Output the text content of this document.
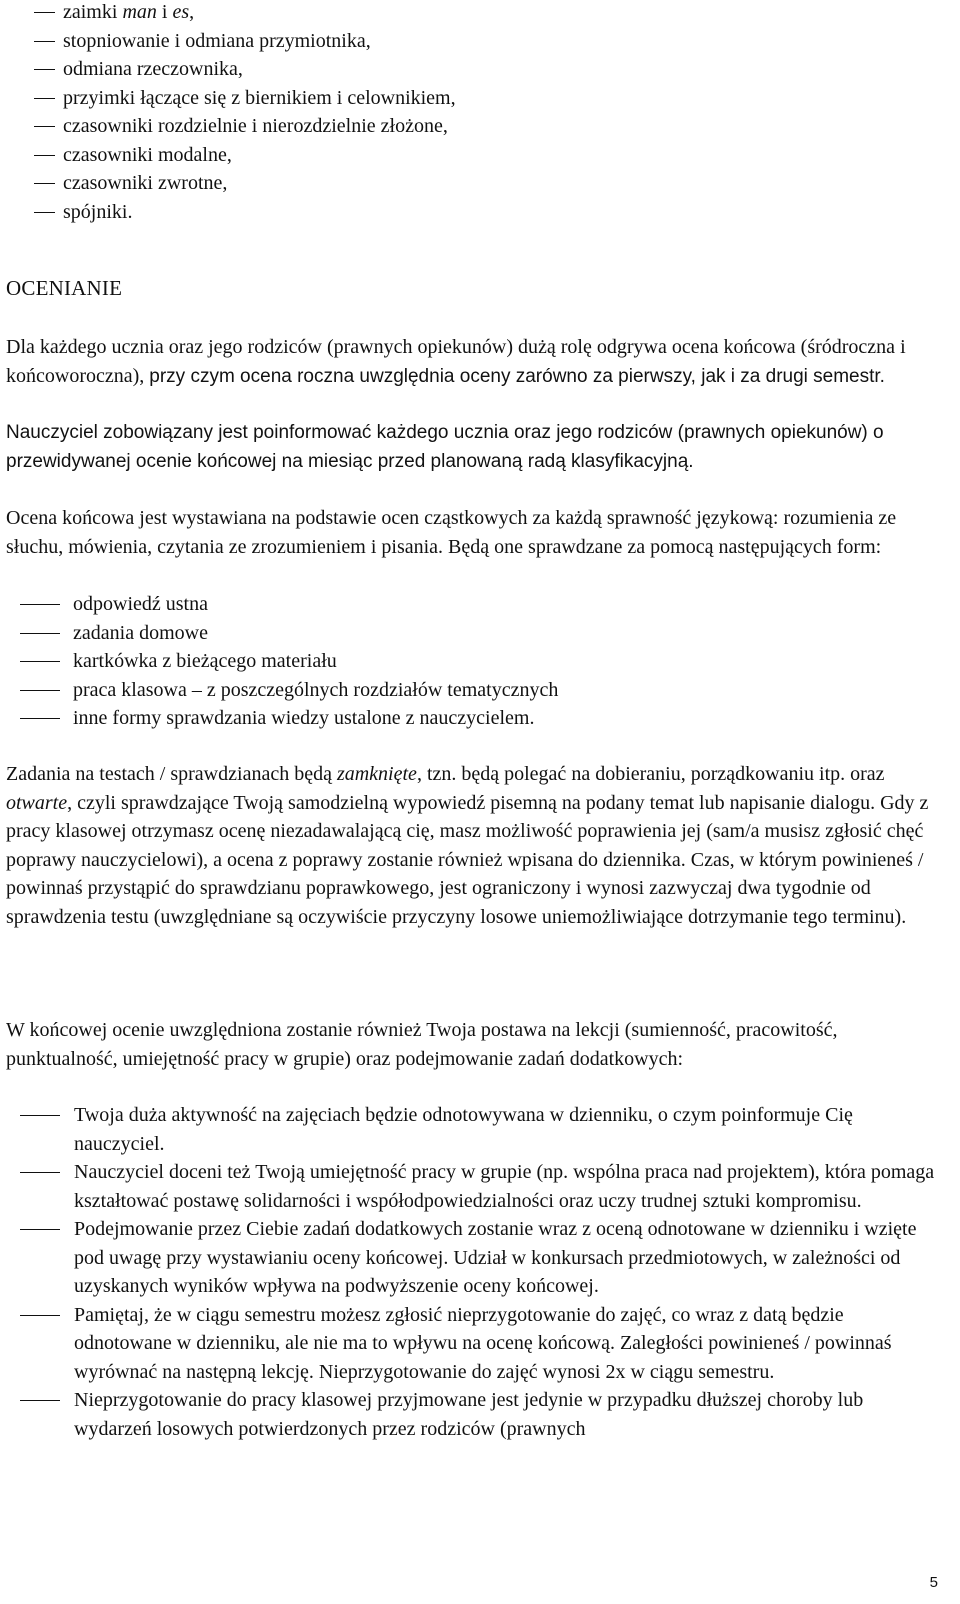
zaimki man i es,
stopniowanie i odmiana przymiotnika,
odmiana rzeczownika,
przyimki łączące się z biernikiem i celownikiem,
czasowniki rozdzielnie i nierozdzielnie złożone,
czasowniki modalne,
czasowniki zwrotne,
spójniki.
OCENIANIE

Dla każdego ucznia oraz jego rodziców (prawnych opiekunów) dużą rolę odgrywa ocena końcowa (śródroczna i końcoworoczna), przy czym ocena roczna uwzględnia oceny zarówno za pierwszy, jak i za drugi semestr.

Nauczyciel zobowiązany jest poinformować każdego ucznia oraz jego rodziców (prawnych opiekunów) o przewidywanej ocenie końcowej na miesiąc przed planowaną radą klasyfikacyjną.

Ocena końcowa jest wystawiana na podstawie ocen cząstkowych za każdą sprawność językową: rozumienia ze słuchu, mówienia, czytania ze zrozumieniem i pisania. Będą one sprawdzane za pomocą następujących form:

odpowiedź ustna
zadania domowe
kartkówka z bieżącego materiału
praca klasowa – z poszczególnych rozdziałów tematycznych
inne formy sprawdzania wiedzy ustalone z nauczycielem.

Zadania na testach / sprawdzianach będą zamknięte, tzn. będą polegać na dobieraniu, porządkowaniu itp. oraz otwarte, czyli sprawdzające Twoją samodzielną wypowiedź pisemną na podany temat lub napisanie dialogu. Gdy z pracy klasowej otrzymasz ocenę niezadawalającą cię, masz możliwość poprawienia jej (sam/a musisz zgłosić chęć poprawy nauczycielowi), a ocena z poprawy zostanie również wpisana do dziennika. Czas, w którym powinieneś / powinnaś przystąpić do sprawdzianu poprawkowego, jest ograniczony i wynosi zazwyczaj dwa tygodnie od sprawdzenia testu (uwzględniane są oczywiście przyczyny losowe uniemożliwiające dotrzymanie tego terminu).

W końcowej ocenie uwzględniona zostanie również Twoja postawa na lekcji (sumienność, pracowitość, punktualność, umiejętność pracy w grupie) oraz podejmowanie zadań dodatkowych:

Twoja duża aktywność na zajęciach będzie odnotowywana w dzienniku, o czym poinformuje Cię nauczyciel.
Nauczyciel doceni też Twoją umiejętność pracy w grupie (np. wspólna praca nad projektem), która pomaga kształtować postawę solidarności i współodpowiedzialności oraz uczy trudnej sztuki kompromisu.
Podejmowanie przez Ciebie zadań dodatkowych zostanie wraz z oceną odnotowane w dzienniku i wzięte pod uwagę przy wystawianiu oceny końcowej. Udział w konkursach przedmiotowych, w zależności od uzyskanych wyników wpływa na podwyższenie oceny końcowej.
Pamiętaj, że w ciągu semestru możesz zgłosić nieprzygotowanie do zajęć, co wraz z datą będzie odnotowane w dzienniku, ale nie ma to wpływu na ocenę końcową. Zaległości powinieneś / powinnaś wyrównać na następną lekcję. Nieprzygotowanie do zajęć wynosi 2x w ciągu semestru.
Nieprzygotowanie do pracy klasowej przyjmowane jest jedynie w przypadku dłuższej choroby lub wydarzeń losowych potwierdzonych przez rodziców (prawnych
5
